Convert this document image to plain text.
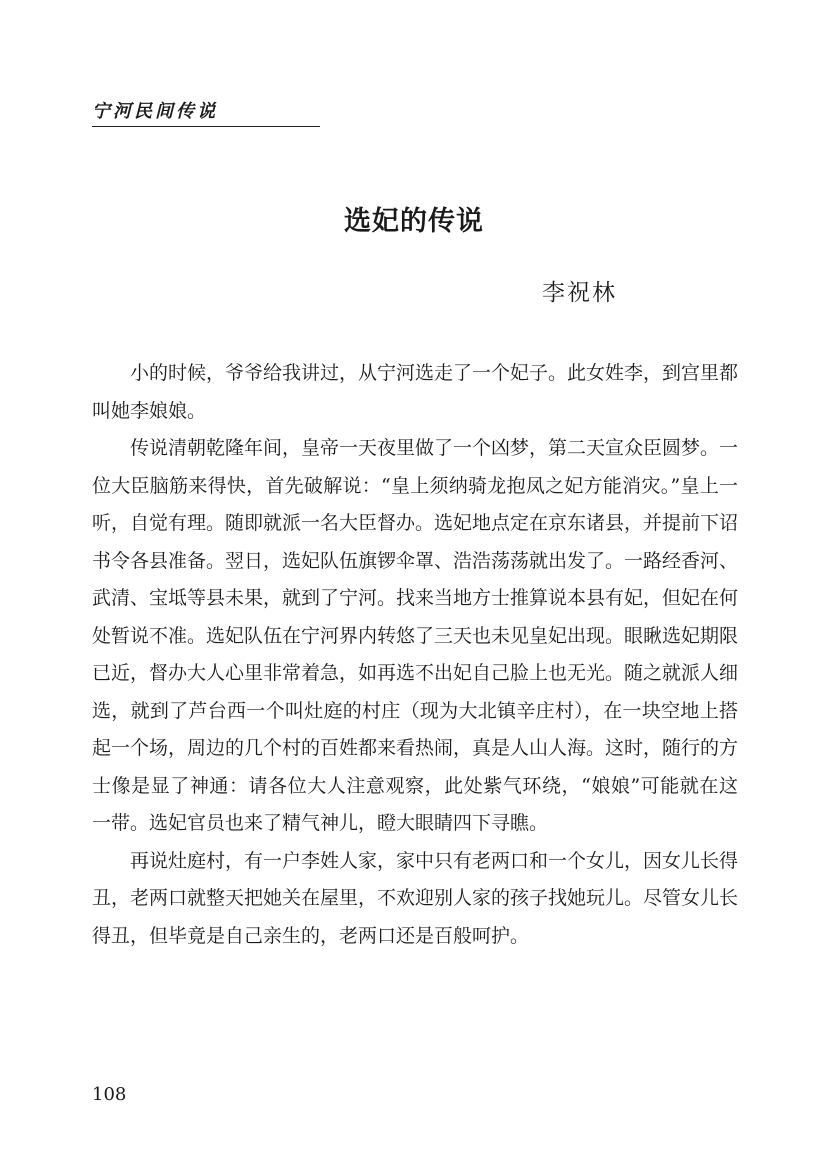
宁河民间传说
选妃的传说
李祝林

小的时候，爷爷给我讲过，从宁河选走了一个妃子。此女姓李，到宫里都叫她李娘娘。

传说清朝乾隆年间，皇帝一天夜里做了一个凶梦，第二天宣众臣圆梦。一位大臣脑筋来得快，首先破解说：“皇上须纳骑龙抱凤之妃方能消灾。”皇上一听，自觉有理。随即就派一名大臣督办。选妃地点定在京东诸县，并提前下诏书令各县准备。翌日，选妃队伍旗锣伞罩、浩浩荡荡就出发了。一路经香河、武清、宝坻等县未果，就到了宁河。找来当地方士推算说本县有妃，但妃在何处暂说不准。选妃队伍在宁河界内转悠了三天也未见皇妃出现。眼瞅选妃期限已近，督办大人心里非常着急，如再选不出妃自己脸上也无光。随之就派人细选，就到了芦台西一个叫灶庭的村庄（现为大北镇辛庄村），在一块空地上搭起一个场，周边的几个村的百姓都来看热闹，真是人山人海。这时，随行的方士像是显了神通：请各位大人注意观察，此处紫气环绕，“娘娘”可能就在这一带。选妃官员也来了精气神儿，瞪大眼睛四下寻瞧。

再说灶庭村，有一户李姓人家，家中只有老两口和一个女儿，因女儿长得丑，老两口就整天把她关在屋里，不欢迎别人家的孩子找她玩儿。尽管女儿长得丑，但毕竟是自己亲生的，老两口还是百般呵护。

108
